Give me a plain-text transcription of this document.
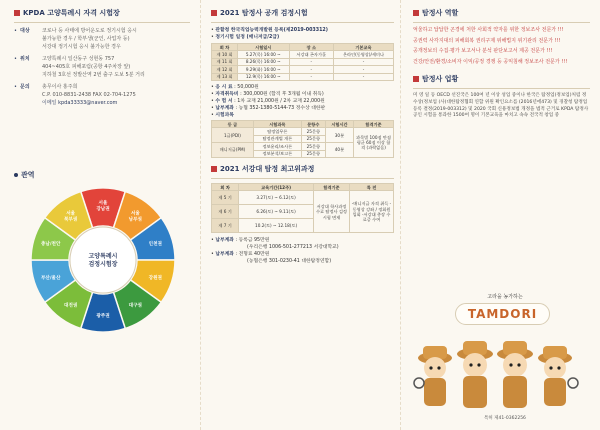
KPDA 고양특례시 자격 시험장
• 대상	코로나 등 사태에 방어운도로 정기시험 응시
불가능한 경우 / 학부생(군인, 사업자 등)
서강대 정기시험 응시 불가능한 경우
• 위치	고양특례시 일산동구 성현동 757
404~405호 피해포럼(공항 4주차장 앞)
지하철 3호선 정발산역 2번 출구 도보 5분 거리
• 문의	총무이사 홍주희
C.P. 010-8831-2438 FAX 02-704-1275
이메일 kpda33333@naver.com
관역
서울
강남권
서울
남부권
인천권
강원권
대구권
광주권
대전권
부산/울산
충남/천안
서울
북부권
고양특례시
검정시험장
2021 탐정사 공개 검정시험
• 관할청 한국직업능력개발원 등록(제2019-003312)
• 정기시험 일정 (매니저급/2급)
회 차	시험일시	장 소	기본교육
제 10 회	5.27(목) 16:00 ~	서강대 곤자가홀	온라인(동영상)/세미나
제 11 회	8.26(목) 16:00 ~	-	-
제 12 회	9.29(화) 16:00 ~	-	-
제 13 회	12.9(목) 16:00 ~	-	-
• 응 시 료 : 50,000원
• 자격취득비 : 300,000원 (합격 후 3개월 이내 취득)
• 수 험 서 : 1차 교재 21,000원 / 2차 교재 22,000원
• 납부계좌 : 농협 352-1380-5144-73 정수상 대한판
• 시험과목
등 급	시험과목	문항수	시험시간	합격기준
1급(PDI)	탐정업무론	25문항	30분	과목별 100점 만점 평균 60점 이상 합격 (과락없음)
	탐정관계법 개론	25문항		
매니저급(PM)	정보윤리/조사론	25문항	40분	
	정보분석/보고론	25문항		
2021 서강대 탐정 최고위과정
회 차	교육기간(12주)	합격기준	특 전
제 5 기	3.27(토) ~ 6.12(토)	서강대 학사과정 수료 탐정사 검정시험 면제	-매니저급 자격 취득 -동영상 강좌 / 정회원 입회 -서강대 총장 수료증 수여
제 6 기	6.26(토) ~ 9.11(토)		
제 7 기	10.2(토) ~ 12.18(토)		
• 납부계좌 : 등록금 95만원
(우리은행 1006-501-277213 서강대학교)
• 납부계좌 : 전형료 40만원
(농협은행 301-0230-41 대한탐정연합)
탐정사 역할
억울하고 답답한 곤경에 처한 사회적 약자를 위한 정보조사 전문가 !!!
공권력 사각지대의 피해회복 권리구제 위해법지 위기관리 전문가 !!!
공개정보의 수집·평가 보고서나 분석 판단보고서 제공 전문가 !!!
건강/안전/환경/소비자 이익/공정 경쟁 등 공익침해 정보조사 전문가 !!!
탐정사 업황
미 영 일 등 OECD 선진국은 100여 년 이상 성업 중이나 한국은 탐정업(정보업)처럼 정수상(정보업 (사)대한탐정협회 연합 위원 확인요소를 (2016년에473) 및 경찰청 탐정업 등록 결정(2019-003312) 및 2020 국회 신용정보법 개정을 법적 근거로 KPDA 탐정사 공인 시험을 통과한 1500여 명이 기본교육을 마치고 속속 전국적 창업 중
고라을 농가하는
TAMDORI
특허 제41-0362256
